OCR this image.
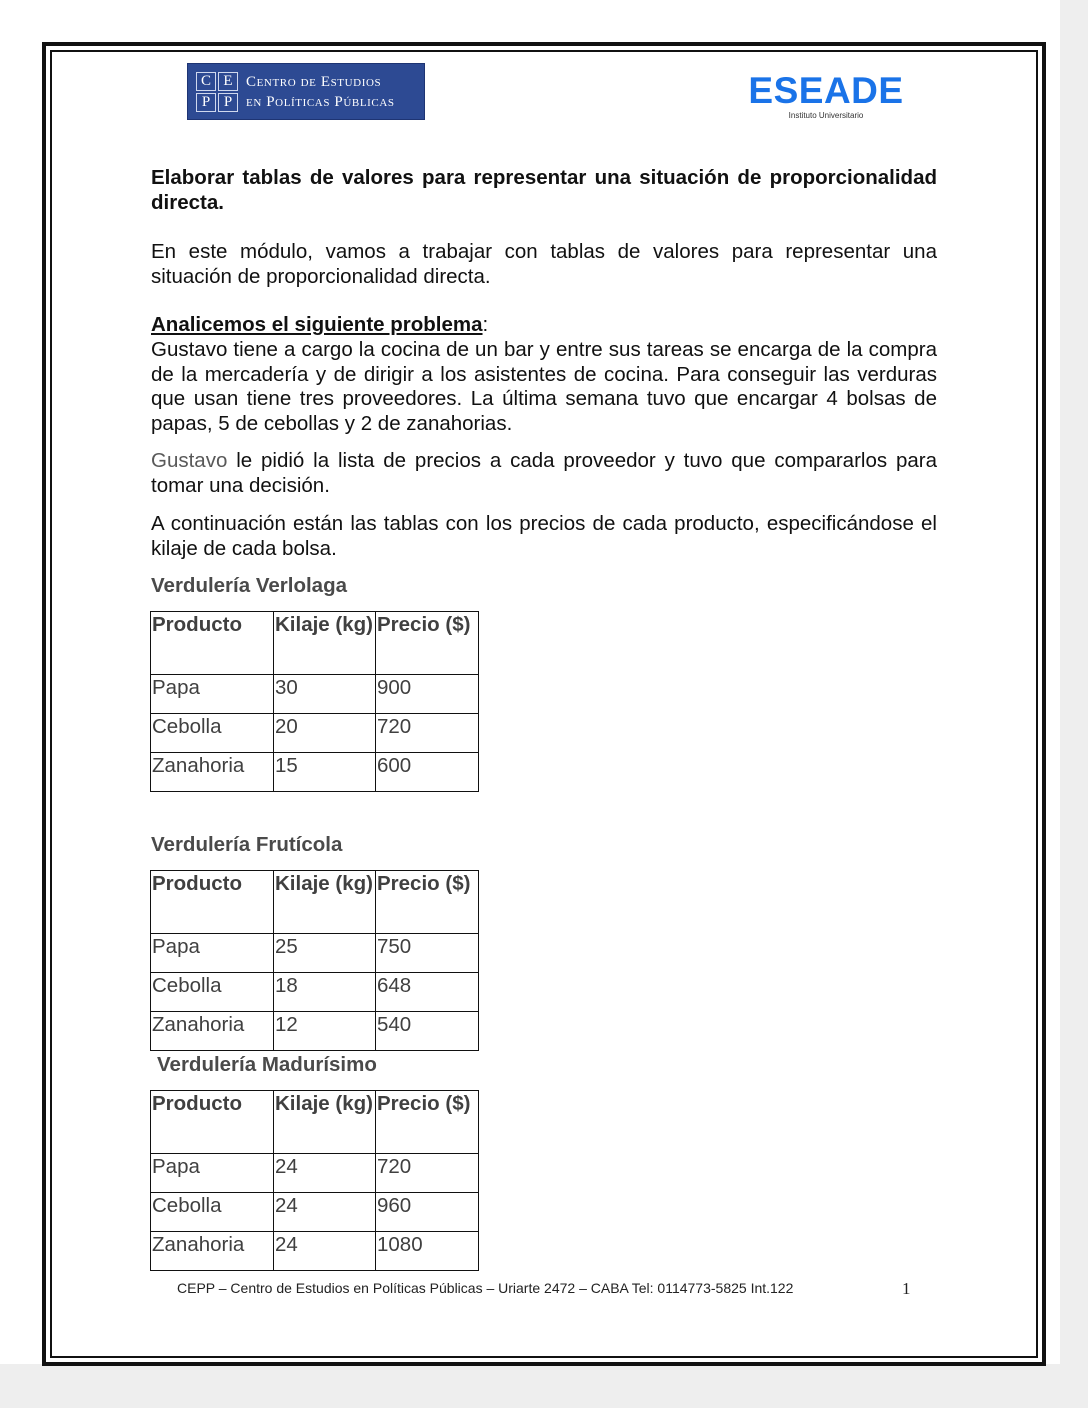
C E
P P
Centro de Estudios
en Políticas Públicas	ESEADE
Instituto Universitario

Elaborar tablas de valores para representar una situación de proporcionalidad directa.

En este módulo, vamos a trabajar con tablas de valores para representar una situación de proporcionalidad directa.

Analicemos el siguiente problema:

Gustavo tiene a cargo la cocina de un bar y entre sus tareas se encarga de la compra de la mercadería y de dirigir a los asistentes de cocina. Para conseguir las verduras que usan tiene tres proveedores. La última semana tuvo que encargar 4 bolsas de papas, 5 de cebollas y 2 de zanahorias.

Gustavo le pidió la lista de precios a cada proveedor y tuvo que compararlos para tomar una decisión.

A continuación están las tablas con los precios de cada producto, especificándose el kilaje de cada bolsa.

Verdulería Verlolaga

Producto	Kilaje (kg)	Precio ($)
Papa	30	900
Cebolla	20	720
Zanahoria	15	600

Verdulería Frutícola

Producto	Kilaje (kg)	Precio ($)
Papa	25	750
Cebolla	18	648
Zanahoria	12	540

Verdulería Madurísimo

Producto	Kilaje (kg)	Precio ($)
Papa	24	720
Cebolla	24	960
Zanahoria	24	1080
CEPP – Centro de Estudios en Políticas Públicas – Uriarte 2472 – CABA Tel: 0114773-5825 Int.122	1
